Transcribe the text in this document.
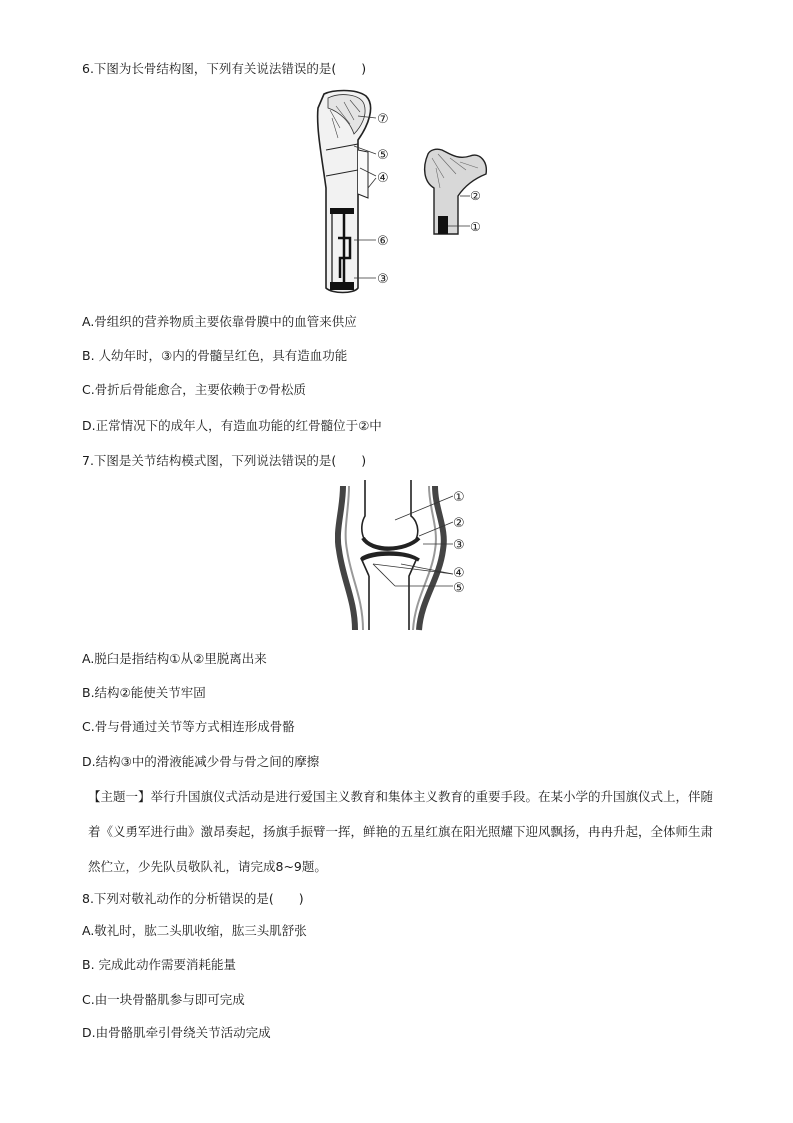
6.下图为长骨结构图，下列有关说法错误的是(　　)
⑦
⑤
④
⑥
③
②
①
A.骨组织的营养物质主要依靠骨膜中的血管来供应
B. 人幼年时，③内的骨髓呈红色，具有造血功能
C.骨折后骨能愈合，主要依赖于⑦骨松质
D.正常情况下的成年人，有造血功能的红骨髓位于②中
7.下图是关节结构模式图，下列说法错误的是(　　)
①
②
③
④
⑤
A.脱臼是指结构①从②里脱离出来
B.结构②能使关节牢固
C.骨与骨通过关节等方式相连形成骨骼
D.结构③中的滑液能减少骨与骨之间的摩擦
【主题一】举行升国旗仪式活动是进行爱国主义教育和集体主义教育的重要手段。在某小学的升国旗仪式上，伴随着《义勇军进行曲》激昂奏起，扬旗手振臂一挥，鲜艳的五星红旗在阳光照耀下迎风飘扬，冉冉升起，全体师生肃然伫立，少先队员敬队礼，请完成8~9题。
8.下列对敬礼动作的分析错误的是(　　)
A.敬礼时，肱二头肌收缩，肱三头肌舒张
B. 完成此动作需要消耗能量
C.由一块骨骼肌参与即可完成
D.由骨骼肌牵引骨绕关节活动完成
